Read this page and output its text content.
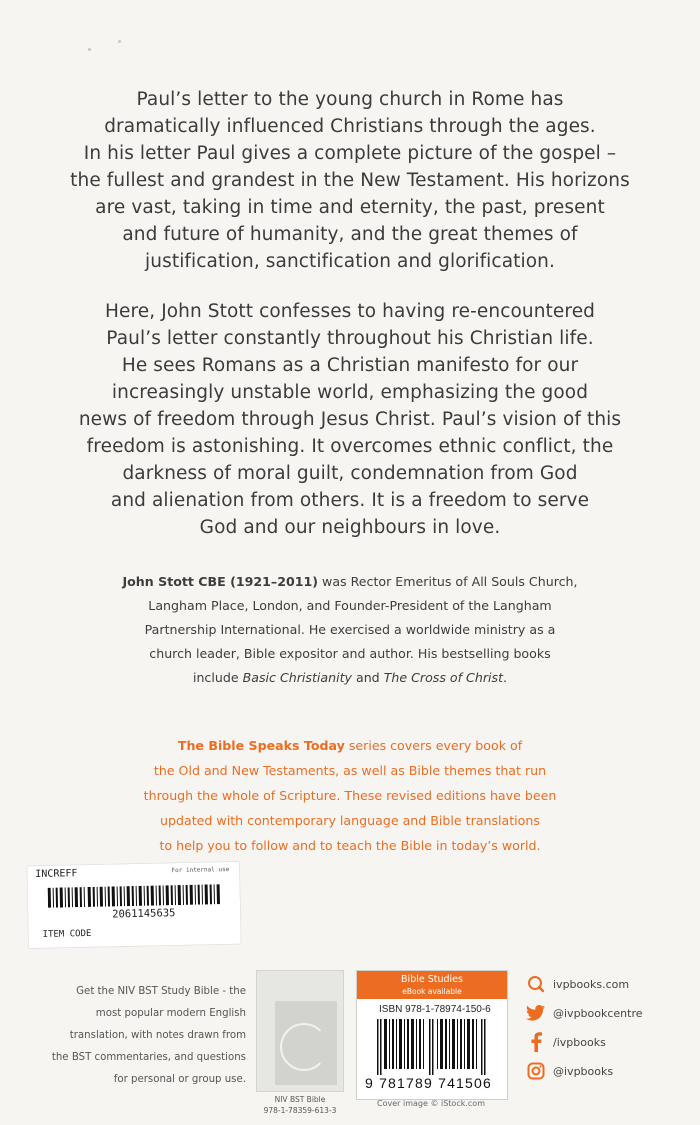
Paul’s letter to the young church in Rome has
dramatically influenced Christians through the ages.
In his letter Paul gives a complete picture of the gospel –
the fullest and grandest in the New Testament. His horizons
are vast, taking in time and eternity, the past, present
and future of humanity, and the great themes of
justification, sanctification and glorification.

Here, John Stott confesses to having re-encountered
Paul’s letter constantly throughout his Christian life.
He sees Romans as a Christian manifesto for our
increasingly unstable world, emphasizing the good
news of freedom through Jesus Christ. Paul’s vision of this
freedom is astonishing. It overcomes ethnic conflict, the
darkness of moral guilt, condemnation from God
and alienation from others. It is a freedom to serve
God and our neighbours in love.

John Stott CBE (1921–2011) was Rector Emeritus of All Souls Church,
Langham Place, London, and Founder-President of the Langham
Partnership International. He exercised a worldwide ministry as a
church leader, Bible expositor and author. His bestselling books
include Basic Christianity and The Cross of Christ.

The Bible Speaks Today series covers every book of
the Old and New Testaments, as well as Bible themes that run
through the whole of Scripture. These revised editions have been
updated with contemporary language and Bible translations
to help you to follow and to teach the Bible in today’s world.

INCREFF	For internal use
2061145635
ITEM CODE

Get the NIV BST Study Bible - the
most popular modern English
translation, with notes drawn from
the BST commentaries, and questions
for personal or group use.

NIV BST Bible
978-1-78359-613-3
Bible Studies
eBook available
ISBN 978-1-78974-150-6
9 781789 741506
Cover image © iStock.com
ivpbooks.com
@ivpbookcentre
/ivpbooks
@ivpbooks
